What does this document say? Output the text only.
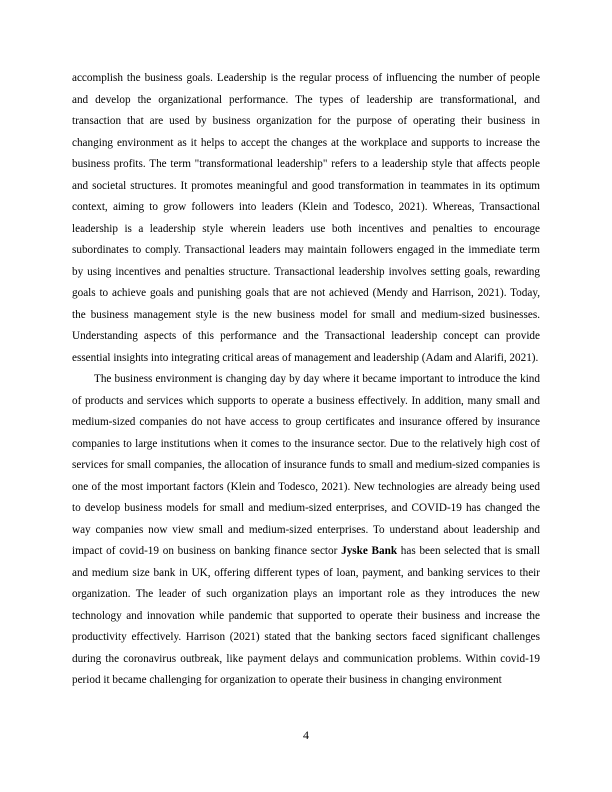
accomplish the business goals. Leadership is the regular process of influencing the number of people and develop the organizational performance. The types of leadership are transformational, and transaction that are used by business organization for the purpose of operating their business in changing environment as it helps to accept the changes at the workplace and supports to increase the business profits. The term "transformational leadership" refers to a leadership style that affects people and societal structures. It promotes meaningful and good transformation in teammates in its optimum context, aiming to grow followers into leaders (Klein and Todesco, 2021). Whereas, Transactional leadership is a leadership style wherein leaders use both incentives and penalties to encourage subordinates to comply. Transactional leaders may maintain followers engaged in the immediate term by using incentives and penalties structure. Transactional leadership involves setting goals, rewarding goals to achieve goals and punishing goals that are not achieved (Mendy and Harrison, 2021). Today, the business management style is the new business model for small and medium-sized businesses. Understanding aspects of this performance and the Transactional leadership concept can provide essential insights into integrating critical areas of management and leadership (Adam and Alarifi, 2021).

The business environment is changing day by day where it became important to introduce the kind of products and services which supports to operate a business effectively. In addition, many small and medium-sized companies do not have access to group certificates and insurance offered by insurance companies to large institutions when it comes to the insurance sector. Due to the relatively high cost of services for small companies, the allocation of insurance funds to small and medium-sized companies is one of the most important factors (Klein and Todesco, 2021). New technologies are already being used to develop business models for small and medium-sized enterprises, and COVID-19 has changed the way companies now view small and medium-sized enterprises. To understand about leadership and impact of covid-19 on business on banking finance sector Jyske Bank has been selected that is small and medium size bank in UK, offering different types of loan, payment, and banking services to their organization. The leader of such organization plays an important role as they introduces the new technology and innovation while pandemic that supported to operate their business and increase the productivity effectively. Harrison (2021) stated that the banking sectors faced significant challenges during the coronavirus outbreak, like payment delays and communication problems. Within covid-19 period it became challenging for organization to operate their business in changing environment

4
